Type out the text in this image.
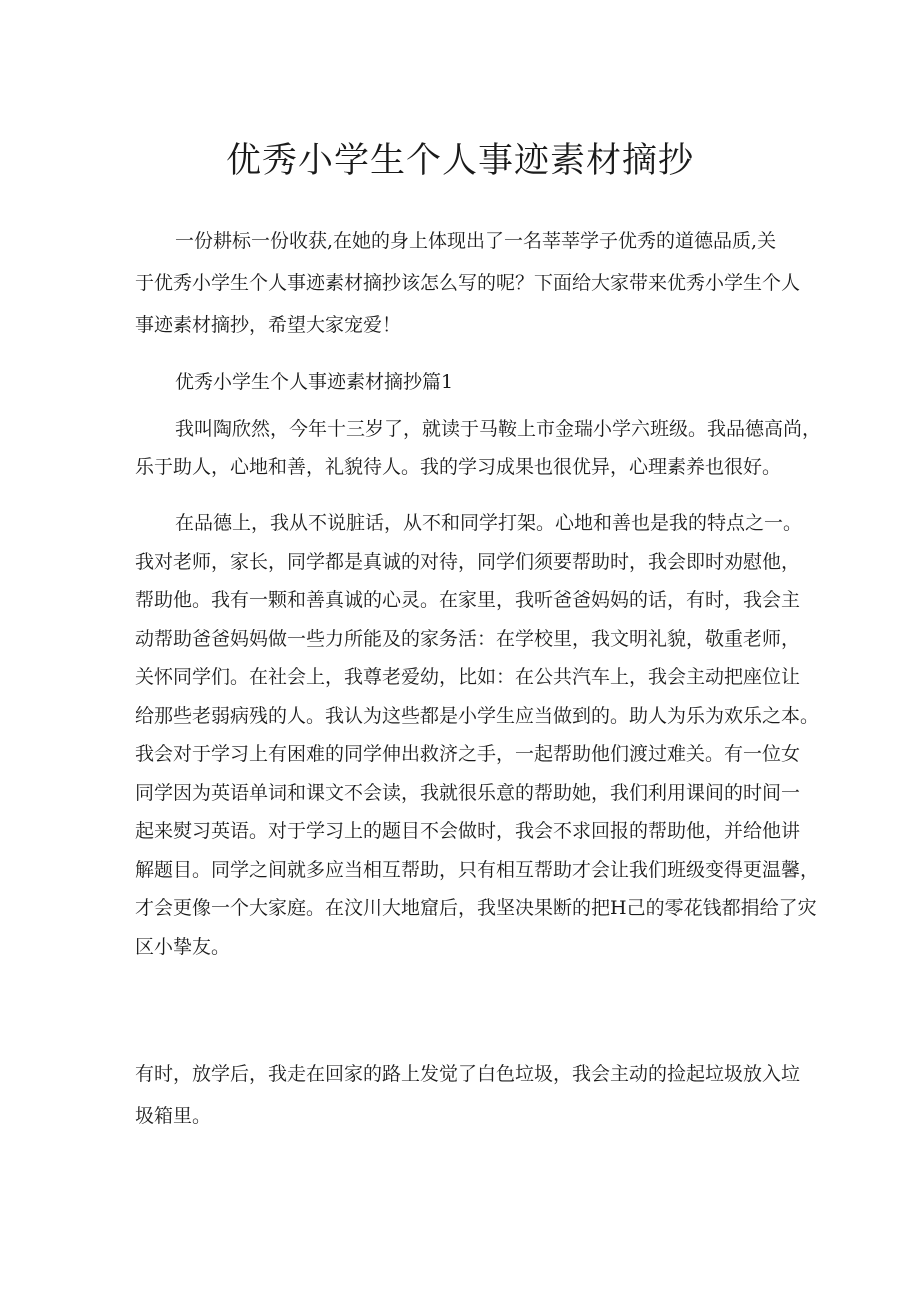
优秀小学生个人事迹素材摘抄
一份耕标一份收获,在她的身上体现出了一名莘莘学子优秀的道德品质,关
于优秀小学生个人事迹素材摘抄该怎么写的呢？下面给大家带来优秀小学生个人
事迹素材摘抄，希望大家宠爱！
优秀小学生个人事迹素材摘抄篇1
我叫陶欣然，今年十三岁了，就读于马鞍上市金瑞小学六班级。我品德高尚，
乐于助人，心地和善，礼貌待人。我的学习成果也很优异，心理素养也很好。
在品德上，我从不说脏话，从不和同学打架。心地和善也是我的特点之一。
我对老师，家长，同学都是真诚的对待，同学们须要帮助时，我会即时劝慰他，
帮助他。我有一颗和善真诚的心灵。在家里，我听爸爸妈妈的话，有时，我会主
动帮助爸爸妈妈做一些力所能及的家务活：在学校里，我文明礼貌，敬重老师，
关怀同学们。在社会上，我尊老爱幼，比如：在公共汽车上，我会主动把座位让
给那些老弱病残的人。我认为这些都是小学生应当做到的。助人为乐为欢乐之本。
我会对于学习上有困难的同学伸出救济之手，一起帮助他们渡过难关。有一位女
同学因为英语单词和课文不会读，我就很乐意的帮助她，我们利用课间的时间一
起来熨习英语。对于学习上的题目不会做时，我会不求回报的帮助他，并给他讲
解题目。同学之间就多应当相互帮助，只有相互帮助才会让我们班级变得更温馨，
才会更像一个大家庭。在汶川大地窟后，我坚决果断的把H己的零花钱都捐给了灾
区小挚友。
有时，放学后，我走在回家的路上发觉了白色垃圾，我会主动的捡起垃圾放入垃
圾箱里。
